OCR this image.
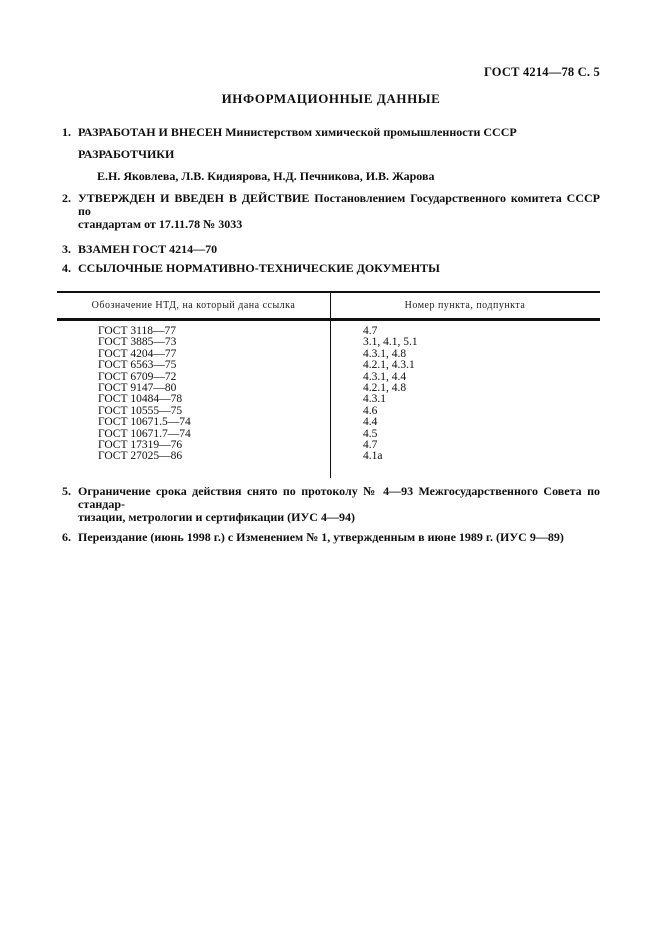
ГОСТ 4214—78 С. 5
ИНФОРМАЦИОННЫЕ ДАННЫЕ
1. РАЗРАБОТАН И ВНЕСЕН Министерством химической промышленности СССР
РАЗРАБОТЧИКИ
Е.Н. Яковлева, Л.В. Кидиярова, Н.Д. Печникова, И.В. Жарова
2. УТВЕРЖДЕН И ВВЕДЕН В ДЕЙСТВИЕ Постановлением Государственного комитета СССР по
стандартам от 17.11.78 № 3033
3. ВЗАМЕН ГОСТ 4214—70
4. ССЫЛОЧНЫЕ НОРМАТИВНО-ТЕХНИЧЕСКИЕ ДОКУМЕНТЫ
Обозначение НТД, на который дана ссылка	Номер пункта, подпункта
ГОСТ 3118—77	4.7
ГОСТ 3885—73	3.1, 4.1, 5.1
ГОСТ 4204—77	4.3.1, 4.8
ГОСТ 6563—75	4.2.1, 4.3.1
ГОСТ 6709—72	4.3.1, 4.4
ГОСТ 9147—80	4.2.1, 4.8
ГОСТ 10484—78	4.3.1
ГОСТ 10555—75	4.6
ГОСТ 10671.5—74	4.4
ГОСТ 10671.7—74	4.5
ГОСТ 17319—76	4.7
ГОСТ 27025—86	4.1а
5. Ограничение срока действия снято по протоколу № 4—93 Межгосударственного Совета по стандар-
тизации, метрологии и сертификации (ИУС 4—94)
6. Переиздание (июнь 1998 г.) с Изменением № 1, утвержденным в июне 1989 г. (ИУС 9—89)
